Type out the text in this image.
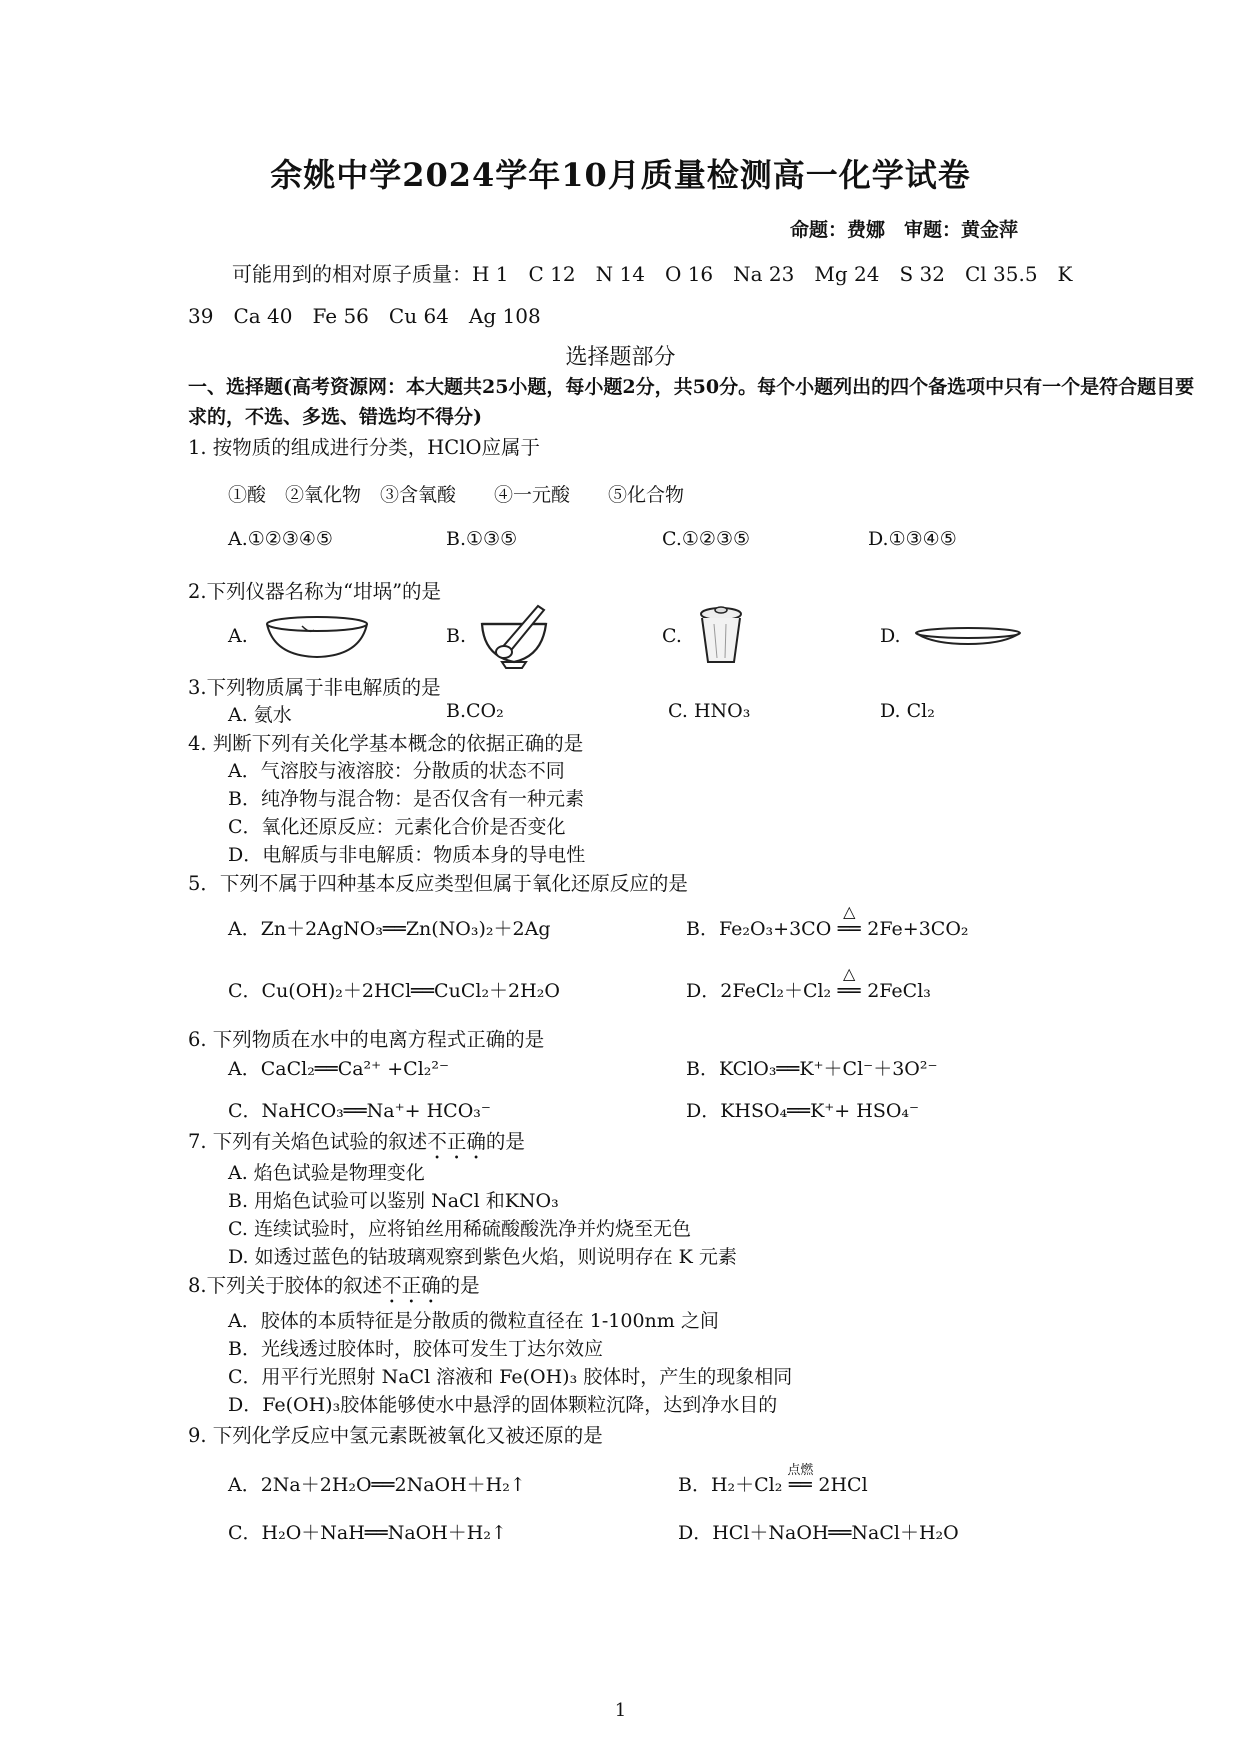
余姚中学2024学年10月质量检测高一化学试卷
命题：费娜　审题：黄金萍
可能用到的相对原子质量：H 1　C 12　N 14　O 16　Na 23　Mg 24　S 32　Cl 35.5　K
39　Ca 40　Fe 56　Cu 64　Ag 108
选择题部分
一、选择题(高考资源网：本大题共25小题，每小题2分，共50分。每个小题列出的四个备选项中只有一个是符合题目要求的，不选、多选、错选均不得分)
1. 按物质的组成进行分类，HClO应属于
①酸　②氧化物　③含氧酸　　④一元酸　　⑤化合物
A.①②③④⑤	B.①③⑤	C.①②③⑤	D.①③④⑤
2.下列仪器名称为“坩埚”的是
A.	B.	C.	D.
3.下列物质属于非电解质的是
A. 氨水	B.CO₂	C. HNO₃	D. Cl₂
4. 判断下列有关化学基本概念的依据正确的是
A．气溶胶与液溶胶：分散质的状态不同
B．纯净物与混合物：是否仅含有一种元素
C．氧化还原反应：元素化合价是否变化
D．电解质与非电解质：物质本身的导电性
5．下列不属于四种基本反应类型但属于氧化还原反应的是
A．Zn＋2AgNO₃══Zn(NO₃)₂＋2Ag	B．Fe₂O₃+3CO
△
══ 2Fe+3CO₂
C．Cu(OH)₂＋2HCl══CuCl₂＋2H₂O	D．2FeCl₂＋Cl₂
△
══ 2FeCl₃
6. 下列物质在水中的电离方程式正确的是
A．CaCl₂══Ca²⁺ +Cl₂²⁻	B．KClO₃══K⁺＋Cl⁻＋3O²⁻
C．NaHCO₃══Na⁺+ HCO₃⁻	D．KHSO₄══K⁺+ HSO₄⁻
7. 下列有关焰色试验的叙述不正确的是
A. 焰色试验是物理变化
B. 用焰色试验可以鉴别 NaCl 和KNO₃
C. 连续试验时，应将铂丝用稀硫酸酸洗净并灼烧至无色
D. 如透过蓝色的钴玻璃观察到紫色火焰，则说明存在 K 元素
8.下列关于胶体的叙述不正确的是
A．胶体的本质特征是分散质的微粒直径在 1-100nm 之间
B．光线透过胶体时，胶体可发生丁达尔效应
C．用平行光照射 NaCl 溶液和 Fe(OH)₃ 胶体时，产生的现象相同
D．Fe(OH)₃胶体能够使水中悬浮的固体颗粒沉降，达到净水目的
9. 下列化学反应中氢元素既被氧化又被还原的是
A．2Na＋2H₂O══2NaOH＋H₂↑	B．H₂＋Cl₂
点燃
══ 2HCl
C．H₂O＋NaH══NaOH＋H₂↑	D．HCl＋NaOH══NaCl＋H₂O
1
